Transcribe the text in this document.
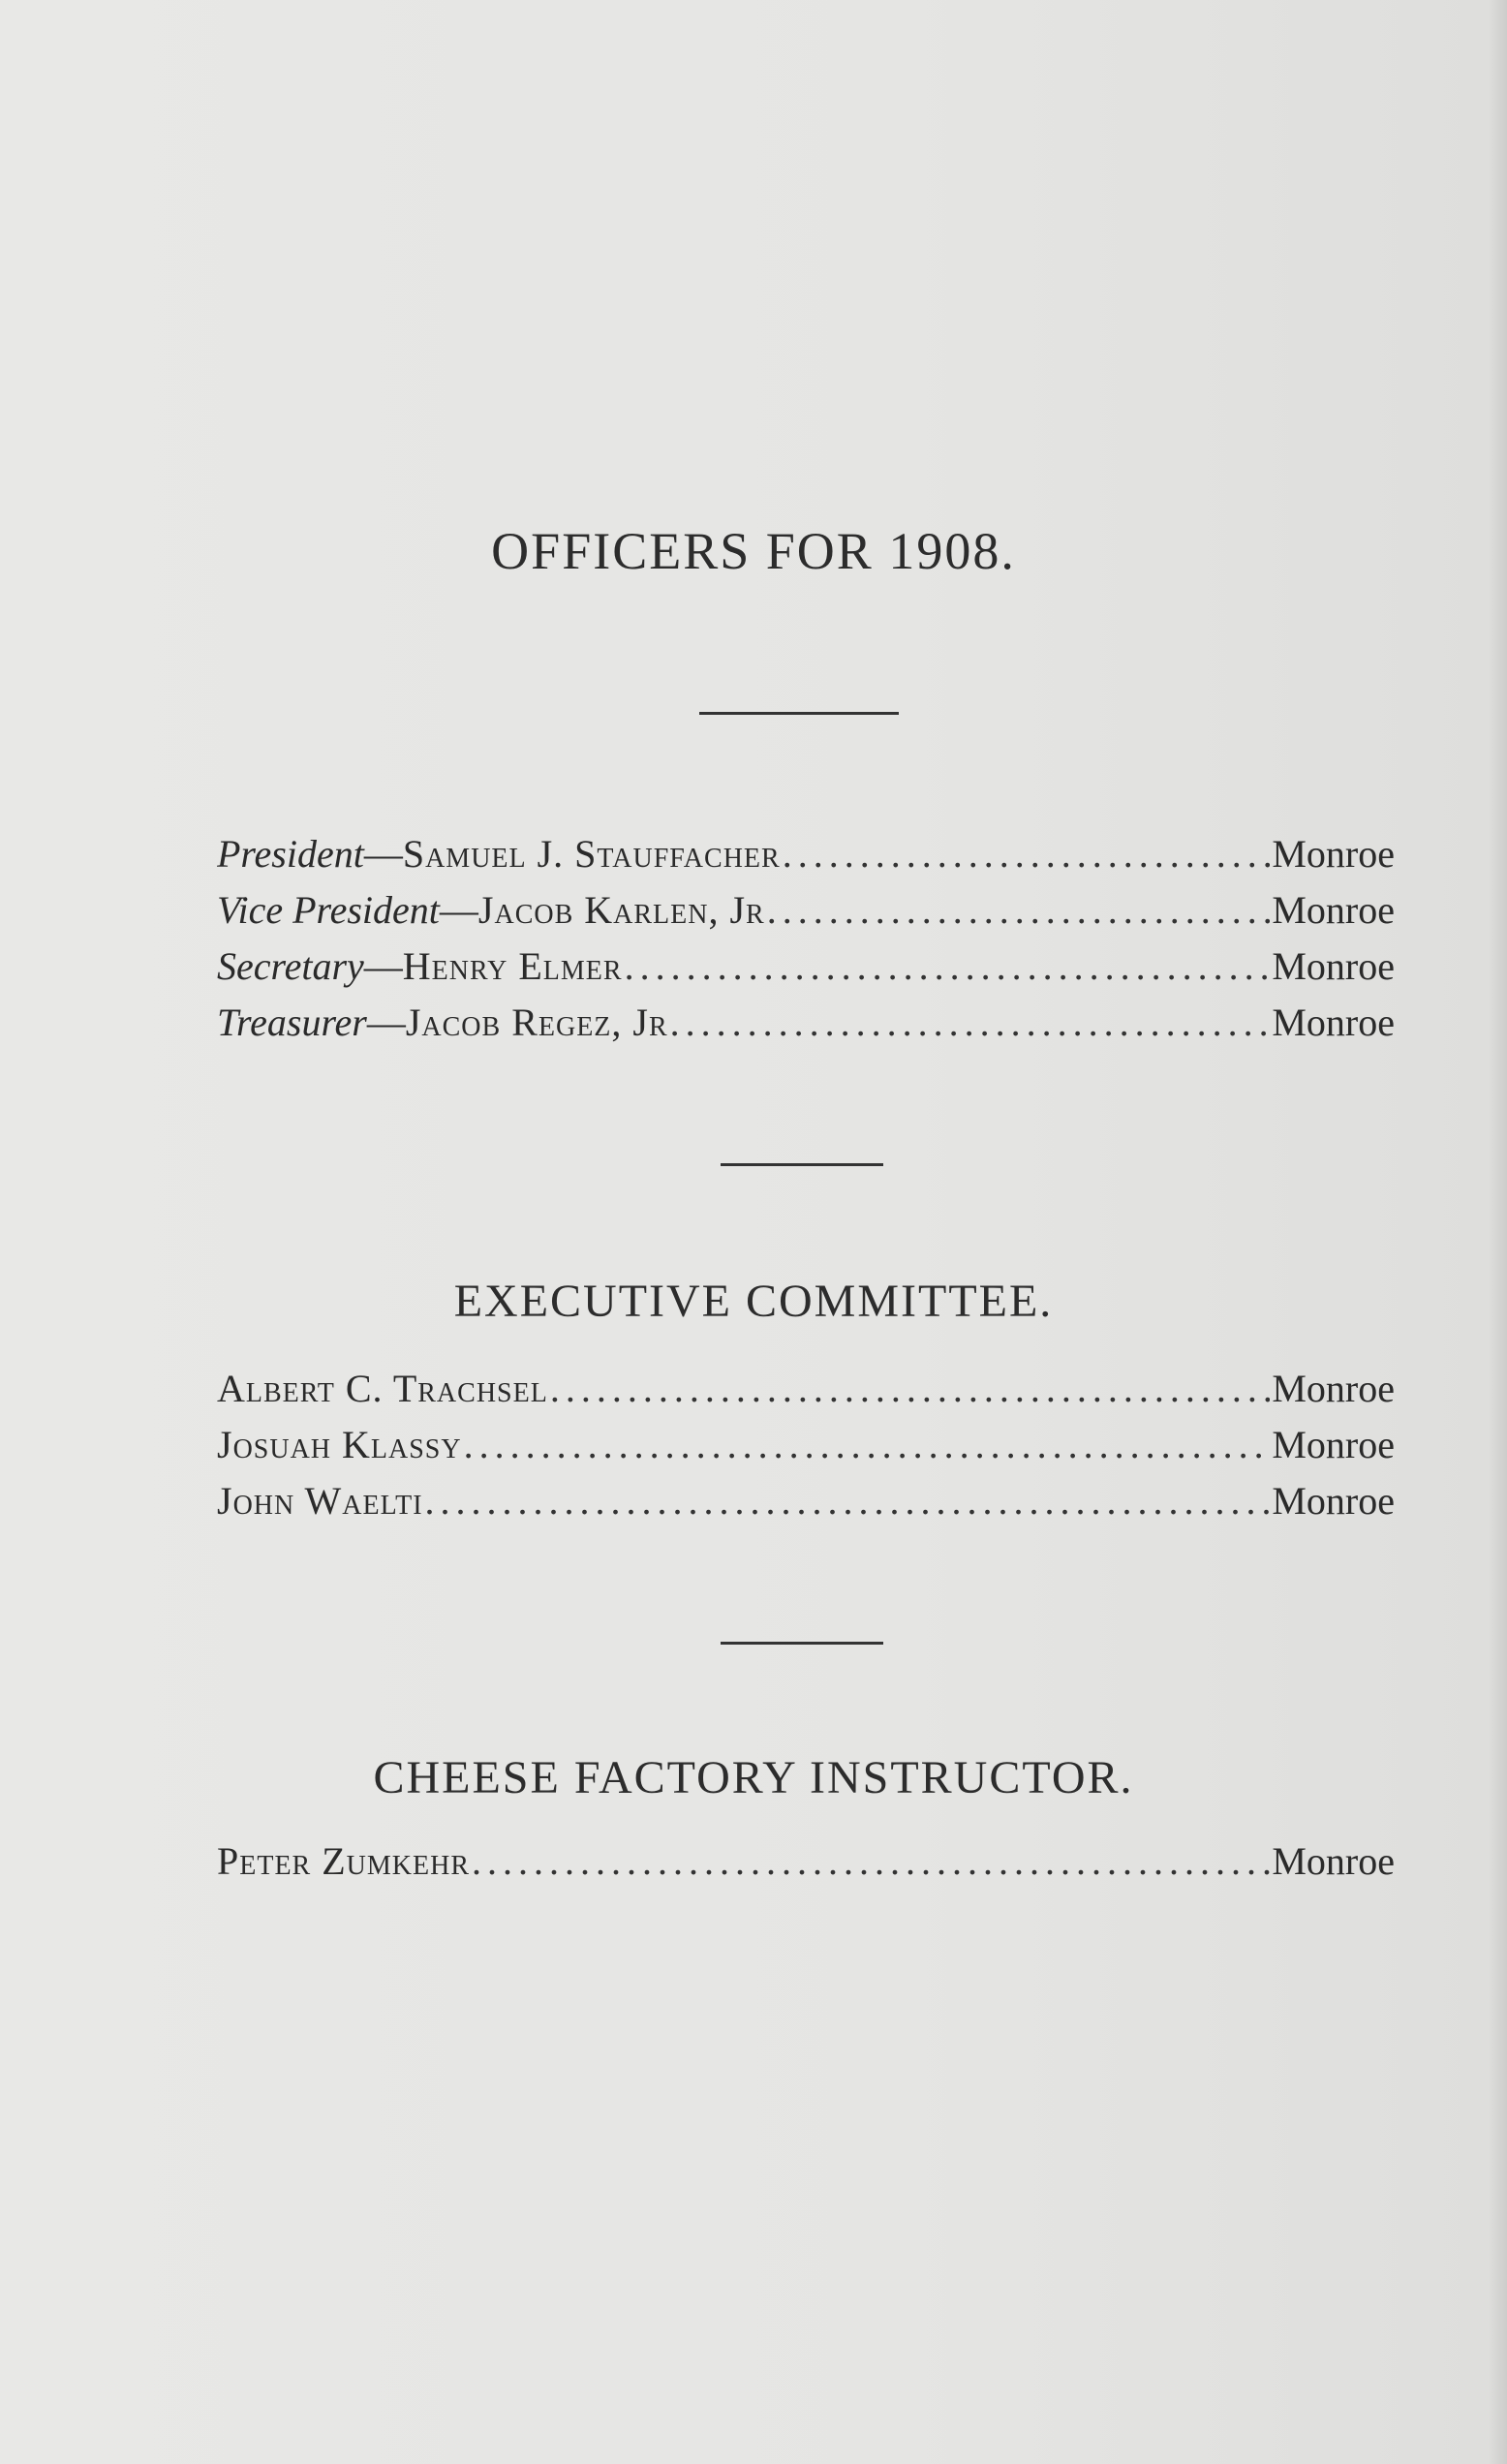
OFFICERS FOR 1908.
President — Samuel J. Stauffacher .....	Monroe
Vice President — Jacob Karlen, Jr .....	Monroe
Secretary — Henry Elmer .....	Monroe
Treasurer — Jacob Regez, Jr .....	Monroe
EXECUTIVE COMMITTEE.
Albert C. Trachsel .....	Monroe
Josuah Klassy .....	Monroe
John Waelti .....	Monroe
CHEESE FACTORY INSTRUCTOR.
Peter Zumkehr .....	Monroe
